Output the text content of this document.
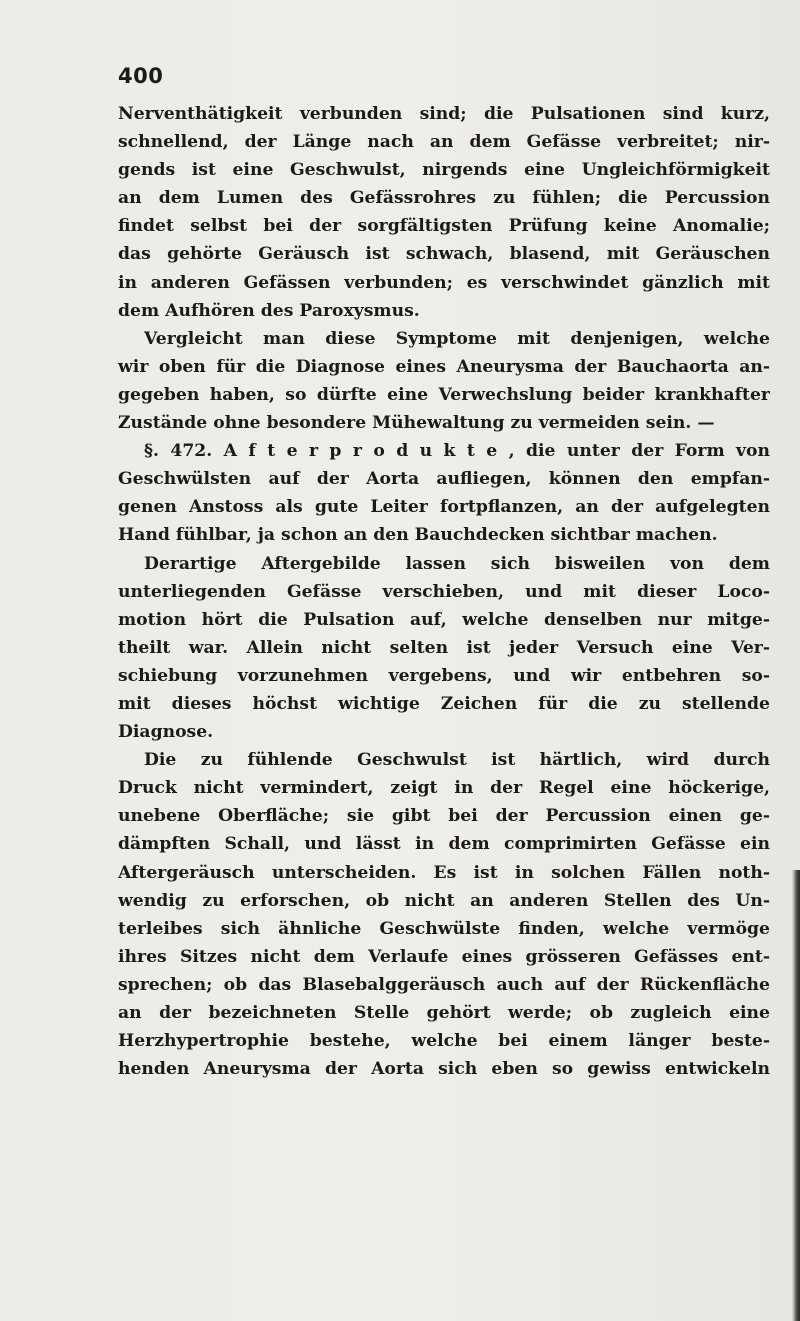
400
Nerventhätigkeit verbunden sind; die Pulsationen sind kurz,
schnellend, der Länge nach an dem Gefässe verbreitet; nir-
gends ist eine Geschwulst, nirgends eine Ungleichförmigkeit
an dem Lumen des Gefässrohres zu fühlen; die Percussion
findet selbst bei der sorgfältigsten Prüfung keine Anomalie;
das gehörte Geräusch ist schwach, blasend, mit Geräuschen
in anderen Gefässen verbunden; es verschwindet gänzlich mit
dem Aufhören des Paroxysmus.
Vergleicht man diese Symptome mit denjenigen, welche
wir oben für die Diagnose eines Aneurysma der Bauchaorta an-
gegeben haben, so dürfte eine Verwechslung beider krankhafter
Zustände ohne besondere Mühewaltung zu vermeiden sein. —
§. 472. A f t e r p r o d u k t e , die unter der Form von
Geschwülsten auf der Aorta aufliegen, können den empfan-
genen Anstoss als gute Leiter fortpflanzen, an der aufgelegten
Hand fühlbar, ja schon an den Bauchdecken sichtbar machen.
Derartige Aftergebilde lassen sich bisweilen von dem
unterliegenden Gefässe verschieben, und mit dieser Loco-
motion hört die Pulsation auf, welche denselben nur mitge-
theilt war. Allein nicht selten ist jeder Versuch eine Ver-
schiebung vorzunehmen vergebens, und wir entbehren so-
mit dieses höchst wichtige Zeichen für die zu stellende
Diagnose.
Die zu fühlende Geschwulst ist härtlich, wird durch
Druck nicht vermindert, zeigt in der Regel eine höckerige,
unebene Oberfläche; sie gibt bei der Percussion einen ge-
dämpften Schall, und lässt in dem comprimirten Gefässe ein
Aftergeräusch unterscheiden. Es ist in solchen Fällen noth-
wendig zu erforschen, ob nicht an anderen Stellen des Un-
terleibes sich ähnliche Geschwülste finden, welche vermöge
ihres Sitzes nicht dem Verlaufe eines grösseren Gefässes ent-
sprechen; ob das Blasebalggeräusch auch auf der Rückenfläche
an der bezeichneten Stelle gehört werde; ob zugleich eine
Herzhypertrophie bestehe, welche bei einem länger beste-
henden Aneurysma der Aorta sich eben so gewiss entwickeln
